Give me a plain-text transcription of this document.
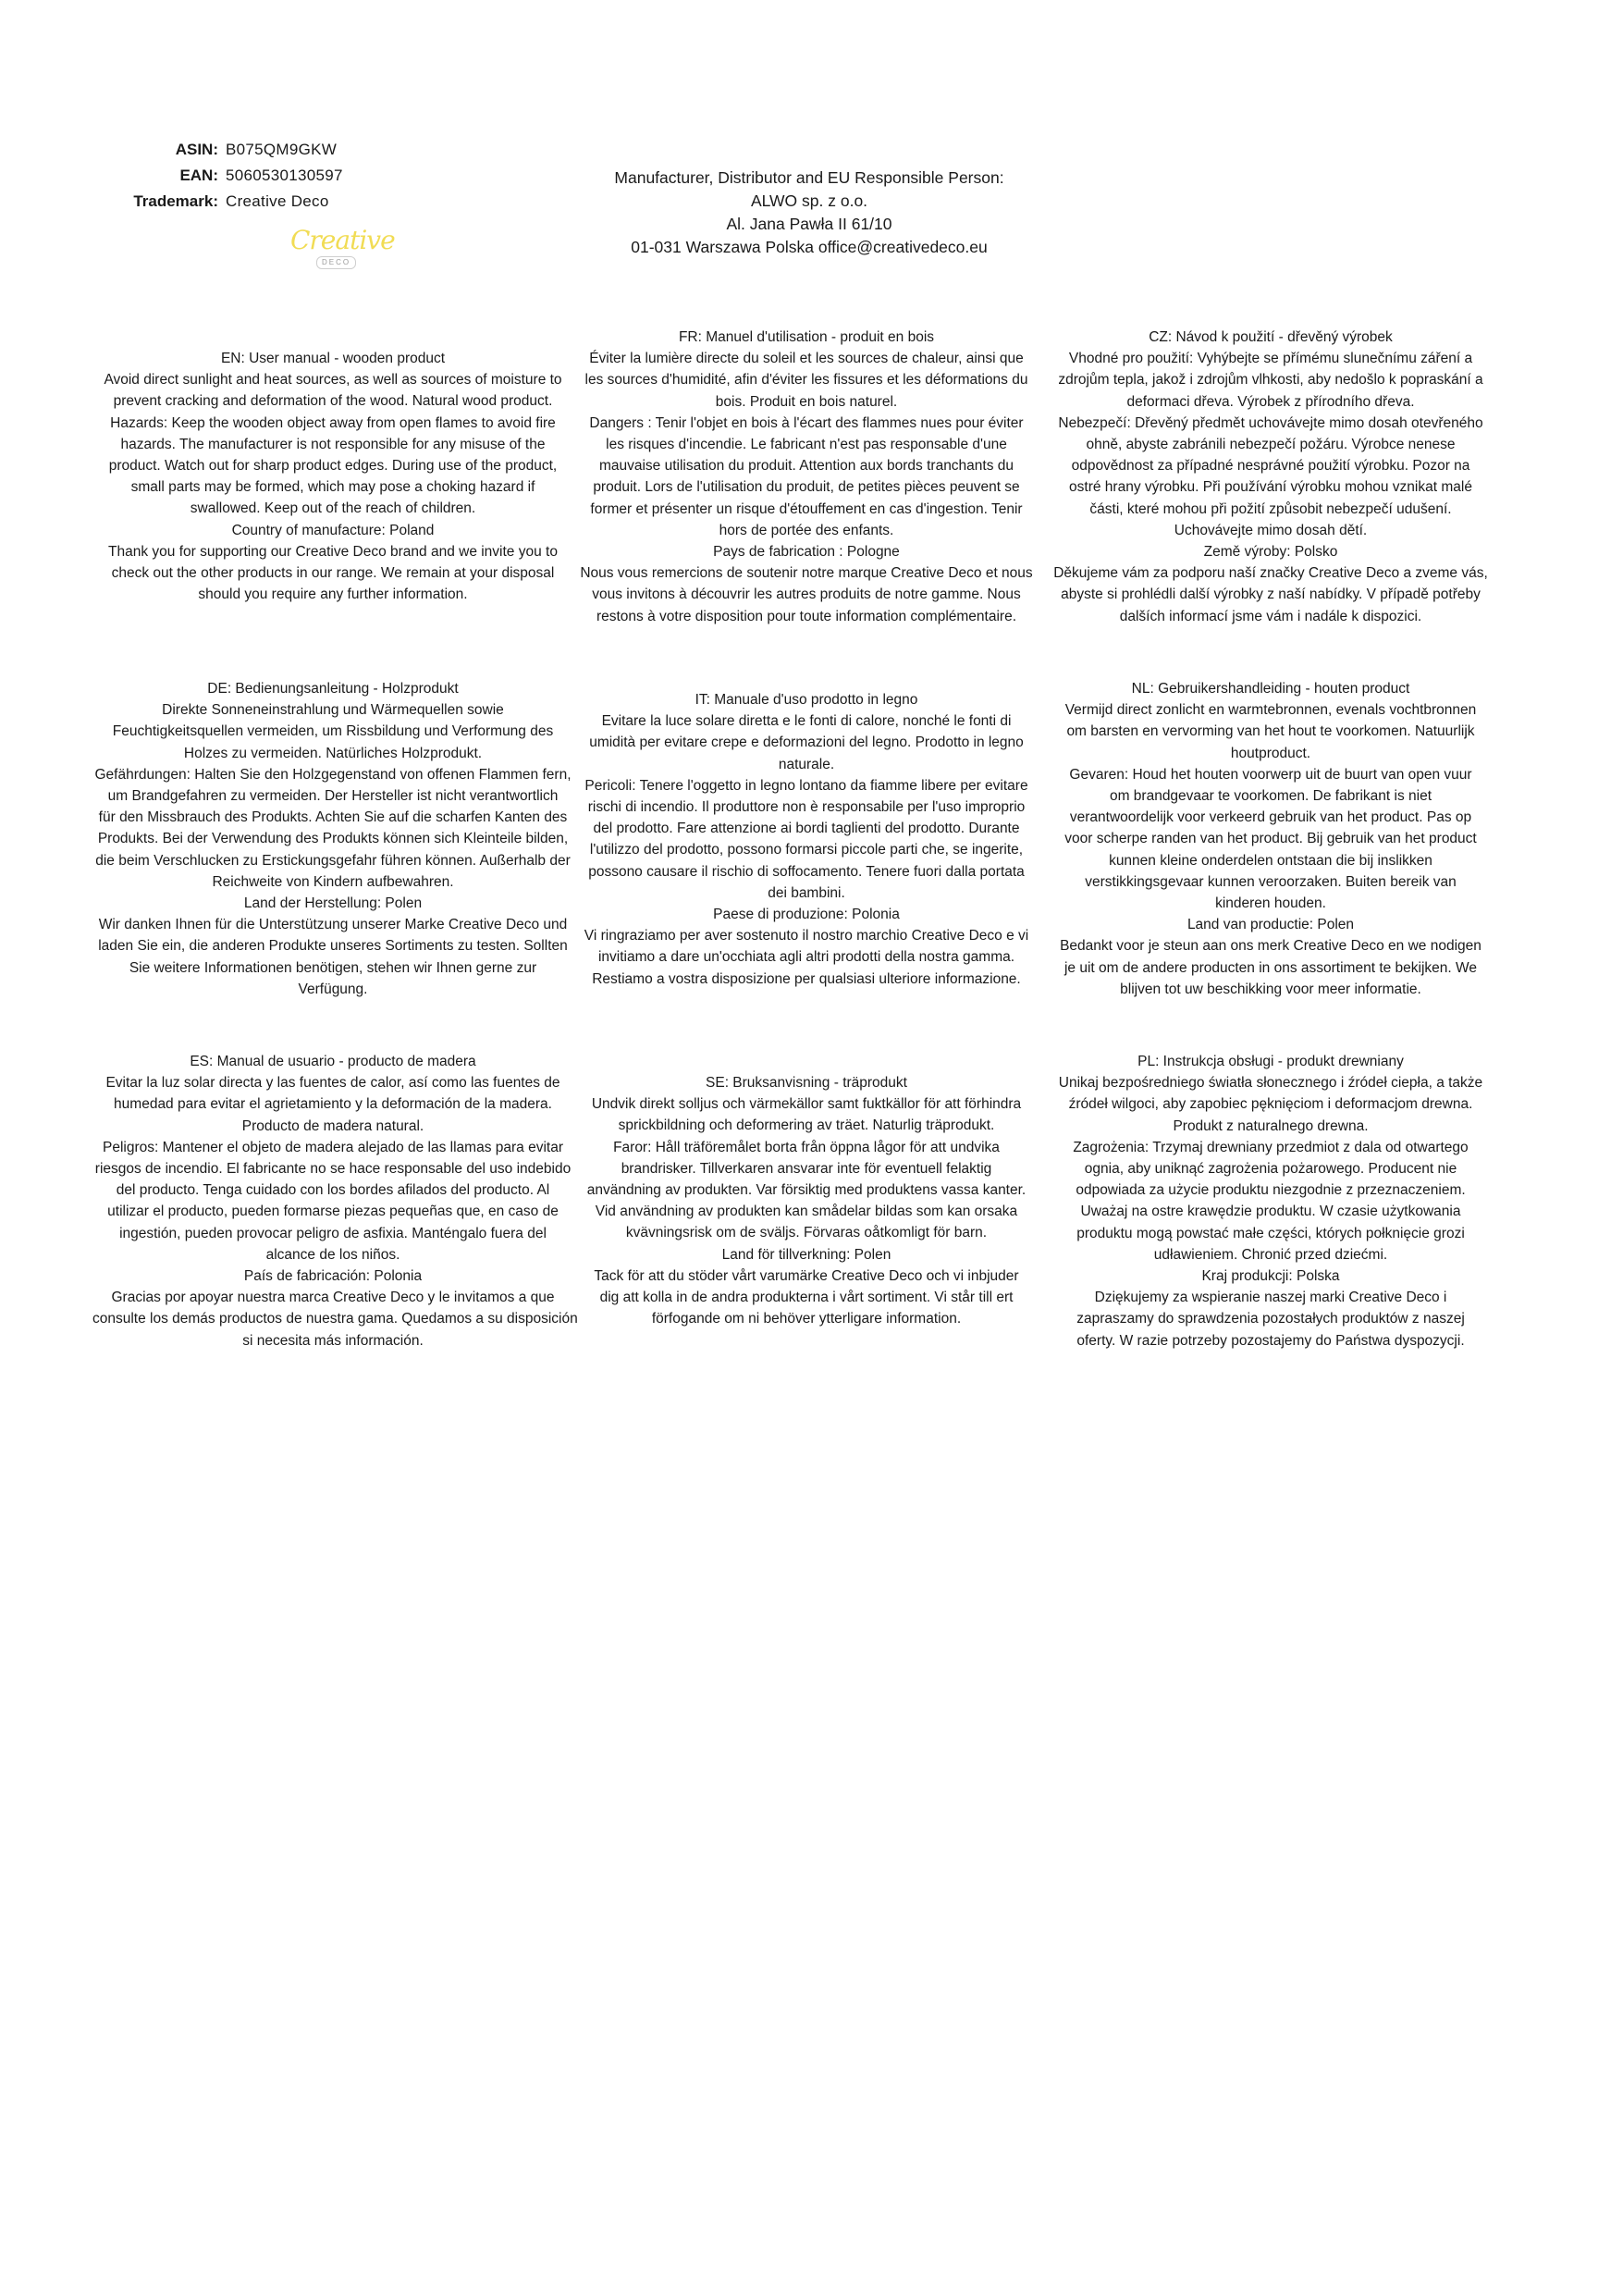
ASIN: B075QM9GKW
EAN: 5060530130597
Trademark: Creative Deco
Creative
DECO
Manufacturer, Distributor and EU Responsible Person:
ALWO sp. z o.o.
Al. Jana Pawła II 61/10
01-031 Warszawa Polska office@creativedeco.eu
EN: User manual - wooden product
Avoid direct sunlight and heat sources, as well as sources of moisture to
prevent cracking and deformation of the wood. Natural wood product.
Hazards: Keep the wooden object away from open flames to avoid fire
hazards. The manufacturer is not responsible for any misuse of the
product. Watch out for sharp product edges. During use of the product,
small parts may be formed, which may pose a choking hazard if
swallowed. Keep out of the reach of children.
Country of manufacture: Poland
Thank you for supporting our Creative Deco brand and we invite you to
check out the other products in our range. We remain at your disposal
should you require any further information.
FR: Manuel d'utilisation - produit en bois
Éviter la lumière directe du soleil et les sources de chaleur, ainsi que
les sources d'humidité, afin d'éviter les fissures et les déformations du
bois. Produit en bois naturel.
Dangers : Tenir l'objet en bois à l'écart des flammes nues pour éviter
les risques d'incendie. Le fabricant n'est pas responsable d'une
mauvaise utilisation du produit. Attention aux bords tranchants du
produit. Lors de l'utilisation du produit, de petites pièces peuvent se
former et présenter un risque d'étouffement en cas d'ingestion. Tenir
hors de portée des enfants.
Pays de fabrication : Pologne
Nous vous remercions de soutenir notre marque Creative Deco et nous
vous invitons à découvrir les autres produits de notre gamme. Nous
restons à votre disposition pour toute information complémentaire.
CZ: Návod k použití - dřevěný výrobek
Vhodné pro použití: Vyhýbejte se přímému slunečnímu záření a
zdrojům tepla, jakož i zdrojům vlhkosti, aby nedošlo k popraskání a
deformaci dřeva. Výrobek z přírodního dřeva.
Nebezpečí: Dřevěný předmět uchovávejte mimo dosah otevřeného
ohně, abyste zabránili nebezpečí požáru. Výrobce nenese
odpovědnost za případné nesprávné použití výrobku. Pozor na
ostré hrany výrobku. Při používání výrobku mohou vznikat malé
části, které mohou při požití způsobit nebezpečí udušení.
Uchovávejte mimo dosah dětí.
Země výroby: Polsko
Děkujeme vám za podporu naší značky Creative Deco a zveme vás,
abyste si prohlédli další výrobky z naší nabídky. V případě potřeby
dalších informací jsme vám i nadále k dispozici.
DE: Bedienungsanleitung - Holzprodukt
Direkte Sonneneinstrahlung und Wärmequellen sowie
Feuchtigkeitsquellen vermeiden, um Rissbildung und Verformung des
Holzes zu vermeiden. Natürliches Holzprodukt.
Gefährdungen: Halten Sie den Holzgegenstand von offenen Flammen fern,
um Brandgefahren zu vermeiden. Der Hersteller ist nicht verantwortlich
für den Missbrauch des Produkts. Achten Sie auf die scharfen Kanten des
Produkts. Bei der Verwendung des Produkts können sich Kleinteile bilden,
die beim Verschlucken zu Erstickungsgefahr führen können. Außerhalb der
Reichweite von Kindern aufbewahren.
Land der Herstellung: Polen
Wir danken Ihnen für die Unterstützung unserer Marke Creative Deco und
laden Sie ein, die anderen Produkte unseres Sortiments zu testen. Sollten
Sie weitere Informationen benötigen, stehen wir Ihnen gerne zur
Verfügung.
IT: Manuale d'uso prodotto in legno
Evitare la luce solare diretta e le fonti di calore, nonché le fonti di
umidità per evitare crepe e deformazioni del legno. Prodotto in legno
naturale.
Pericoli: Tenere l'oggetto in legno lontano da fiamme libere per evitare
rischi di incendio. Il produttore non è responsabile per l'uso improprio
del prodotto. Fare attenzione ai bordi taglienti del prodotto. Durante
l'utilizzo del prodotto, possono formarsi piccole parti che, se ingerite,
possono causare il rischio di soffocamento. Tenere fuori dalla portata
dei bambini.
Paese di produzione: Polonia
Vi ringraziamo per aver sostenuto il nostro marchio Creative Deco e vi
invitiamo a dare un'occhiata agli altri prodotti della nostra gamma.
Restiamo a vostra disposizione per qualsiasi ulteriore informazione.
NL: Gebruikershandleiding - houten product
Vermijd direct zonlicht en warmtebronnen, evenals vochtbronnen
om barsten en vervorming van het hout te voorkomen. Natuurlijk
houtproduct.
Gevaren: Houd het houten voorwerp uit de buurt van open vuur
om brandgevaar te voorkomen. De fabrikant is niet
verantwoordelijk voor verkeerd gebruik van het product. Pas op
voor scherpe randen van het product. Bij gebruik van het product
kunnen kleine onderdelen ontstaan die bij inslikken
verstikkingsgevaar kunnen veroorzaken. Buiten bereik van
kinderen houden.
Land van productie: Polen
Bedankt voor je steun aan ons merk Creative Deco en we nodigen
je uit om de andere producten in ons assortiment te bekijken. We
blijven tot uw beschikking voor meer informatie.
ES: Manual de usuario - producto de madera
Evitar la luz solar directa y las fuentes de calor, así como las fuentes de
humedad para evitar el agrietamiento y la deformación de la madera.
Producto de madera natural.
Peligros: Mantener el objeto de madera alejado de las llamas para evitar
riesgos de incendio. El fabricante no se hace responsable del uso indebido
del producto. Tenga cuidado con los bordes afilados del producto. Al
utilizar el producto, pueden formarse piezas pequeñas que, en caso de
ingestión, pueden provocar peligro de asfixia. Manténgalo fuera del
alcance de los niños.
País de fabricación: Polonia
Gracias por apoyar nuestra marca Creative Deco y le invitamos a que
consulte los demás productos de nuestra gama. Quedamos a su disposición
si necesita más información.
SE: Bruksanvisning - träprodukt
Undvik direkt solljus och värmekällor samt fuktkällor för att förhindra
sprickbildning och deformering av träet. Naturlig träprodukt.
Faror: Håll träföremålet borta från öppna lågor för att undvika
brandrisker. Tillverkaren ansvarar inte för eventuell felaktig
användning av produkten. Var försiktig med produktens vassa kanter.
Vid användning av produkten kan smådelar bildas som kan orsaka
kvävningsrisk om de sväljs. Förvaras oåtkomligt för barn.
Land för tillverkning: Polen
Tack för att du stöder vårt varumärke Creative Deco och vi inbjuder
dig att kolla in de andra produkterna i vårt sortiment. Vi står till ert
förfogande om ni behöver ytterligare information.
PL: Instrukcja obsługi - produkt drewniany
Unikaj bezpośredniego światła słonecznego i źródeł ciepła, a także
źródeł wilgoci, aby zapobiec pęknięciom i deformacjom drewna.
Produkt z naturalnego drewna.
Zagrożenia: Trzymaj drewniany przedmiot z dala od otwartego
ognia, aby uniknąć zagrożenia pożarowego. Producent nie
odpowiada za użycie produktu niezgodnie z przeznaczeniem.
Uważaj na ostre krawędzie produktu. W czasie użytkowania
produktu mogą powstać małe części, których połknięcie grozi
udławieniem. Chronić przed dziećmi.
Kraj produkcji: Polska
Dziękujemy za wspieranie naszej marki Creative Deco i
zapraszamy do sprawdzenia pozostałych produktów z naszej
oferty. W razie potrzeby pozostajemy do Państwa dyspozycji.
